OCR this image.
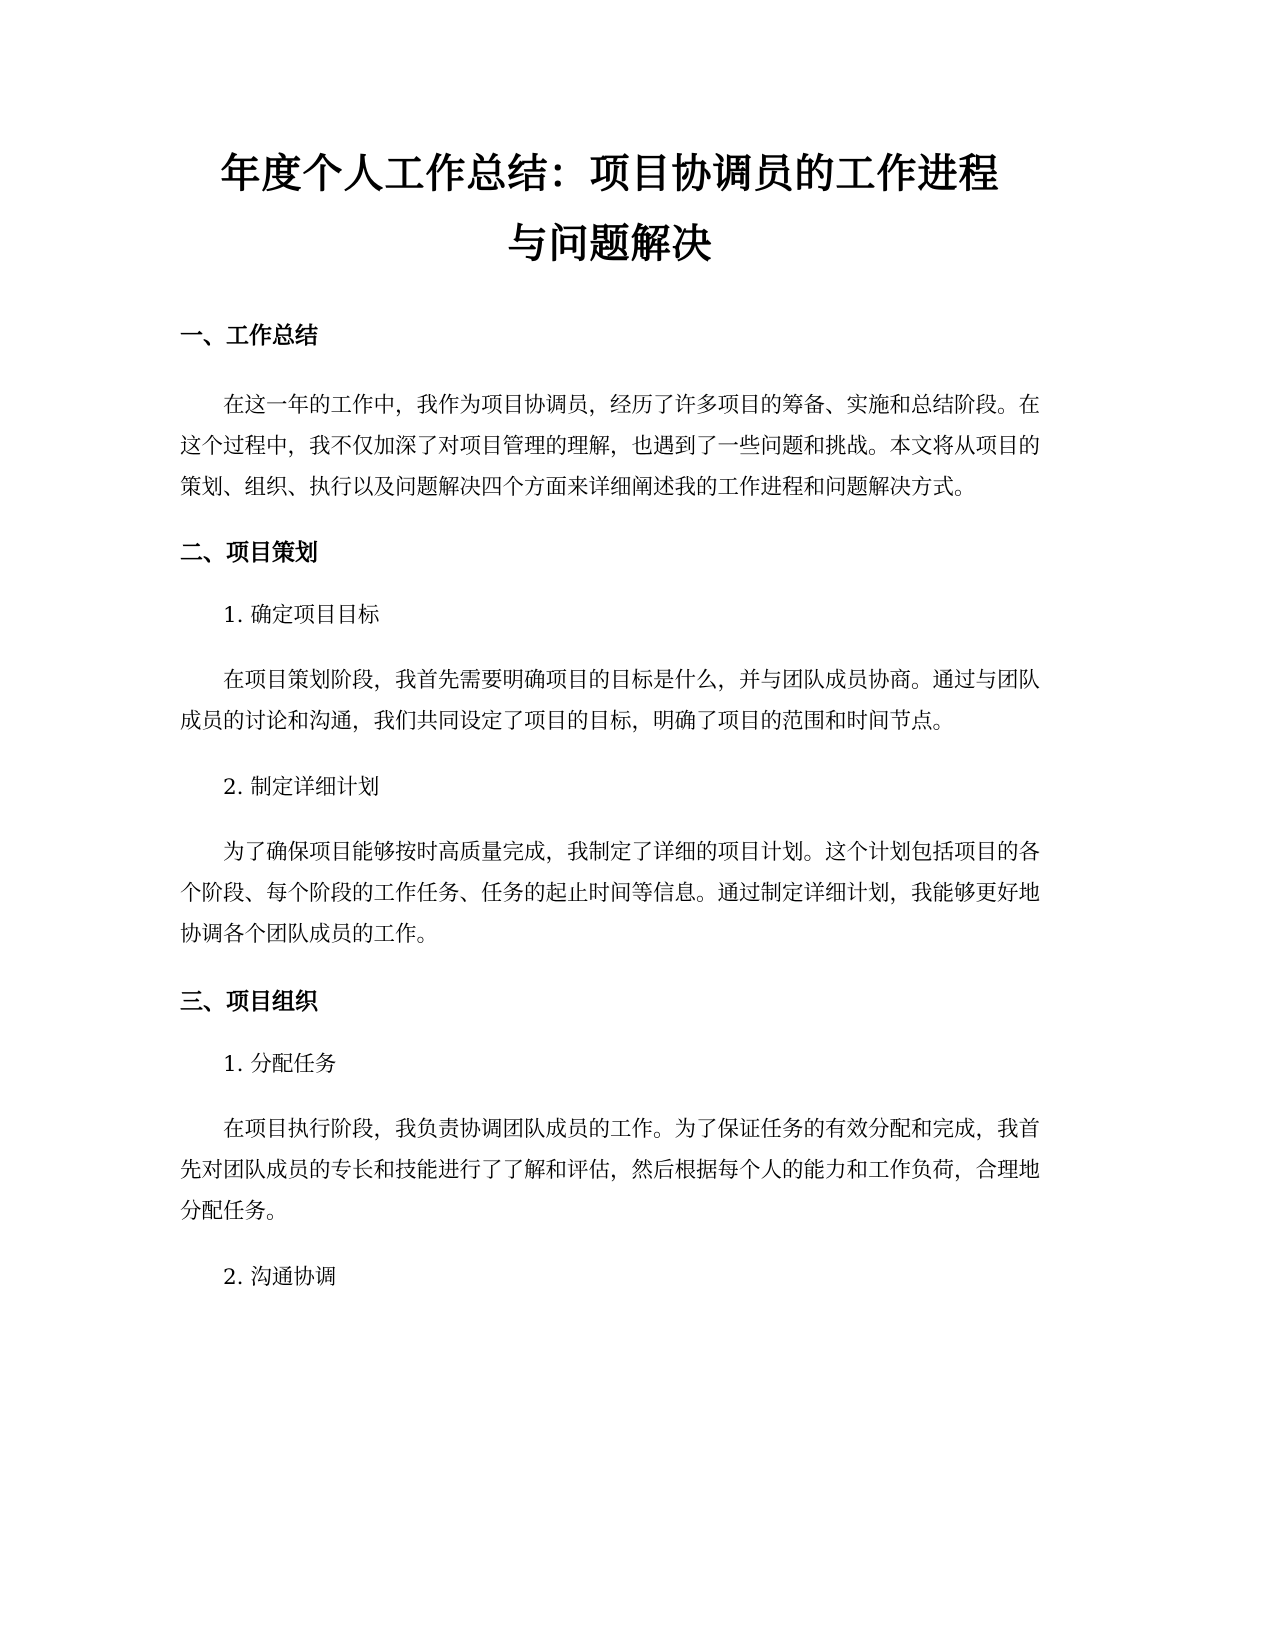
年度个人工作总结：项目协调员的工作进程
与问题解决
一、工作总结

在这一年的工作中，我作为项目协调员，经历了许多项目的筹备、实施和总结阶段。在这个过程中，我不仅加深了对项目管理的理解，也遇到了一些问题和挑战。本文将从项目的策划、组织、执行以及问题解决四个方面来详细阐述我的工作进程和问题解决方式。

二、项目策划

1. 确定项目目标

在项目策划阶段，我首先需要明确项目的目标是什么，并与团队成员协商。通过与团队成员的讨论和沟通，我们共同设定了项目的目标，明确了项目的范围和时间节点。

2. 制定详细计划

为了确保项目能够按时高质量完成，我制定了详细的项目计划。这个计划包括项目的各个阶段、每个阶段的工作任务、任务的起止时间等信息。通过制定详细计划，我能够更好地协调各个团队成员的工作。

三、项目组织

1. 分配任务

在项目执行阶段，我负责协调团队成员的工作。为了保证任务的有效分配和完成，我首先对团队成员的专长和技能进行了了解和评估，然后根据每个人的能力和工作负荷，合理地分配任务。

2. 沟通协调
